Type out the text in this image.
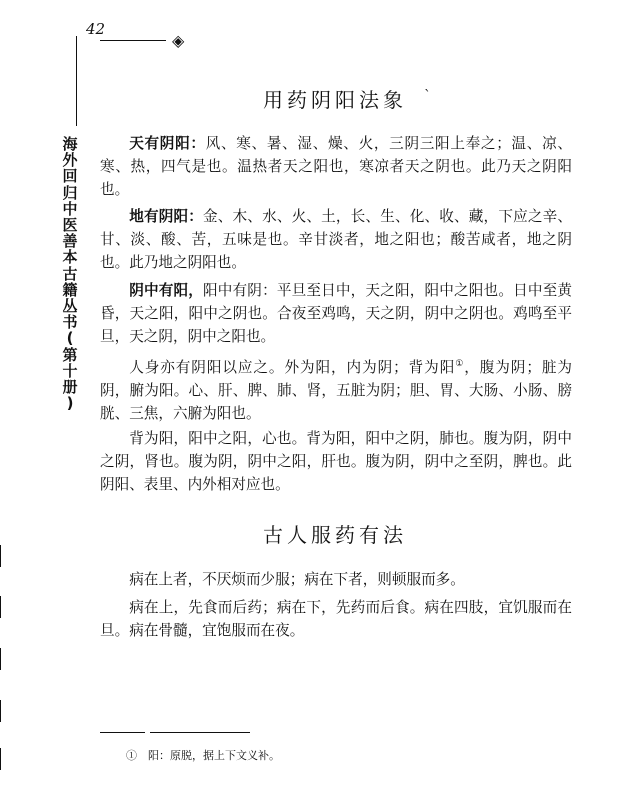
42
◈
海
外
回
归
中
医
善
本
古
籍
丛
书
(
第
十
册
)
用药阴阳法象	`
天有阴阳：风、寒、暑、湿、燥、火，三阴三阳上奉之；温、凉、寒、热，四气是也。温热者天之阳也，寒凉者天之阴也。此乃天之阴阳也。
地有阴阳：金、木、水、火、土，长、生、化、收、藏，下应之辛、甘、淡、酸、苦，五味是也。辛甘淡者，地之阳也；酸苦咸者，地之阴也。此乃地之阴阳也。
阴中有阳，阳中有阴：平旦至日中，天之阳，阳中之阳也。日中至黄昏，天之阳，阳中之阴也。合夜至鸡鸣，天之阴，阴中之阴也。鸡鸣至平旦，天之阴，阴中之阳也。
人身亦有阴阳以应之。外为阳，内为阴；背为阳①，腹为阴；脏为阴，腑为阳。心、肝、脾、肺、肾，五脏为阴；胆、胃、大肠、小肠、膀胱、三焦，六腑为阳也。
背为阳，阳中之阳，心也。背为阳，阳中之阴，肺也。腹为阴，阴中之阴，肾也。腹为阴，阴中之阳，肝也。腹为阴，阴中之至阴，脾也。此阴阳、表里、内外相对应也。
古人服药有法
病在上者，不厌烦而少服；病在下者，则顿服而多。
病在上，先食而后药；病在下，先药而后食。病在四肢，宜饥服而在旦。病在骨髓，宜饱服而在夜。
①　阳：原脱，据上下文义补。
